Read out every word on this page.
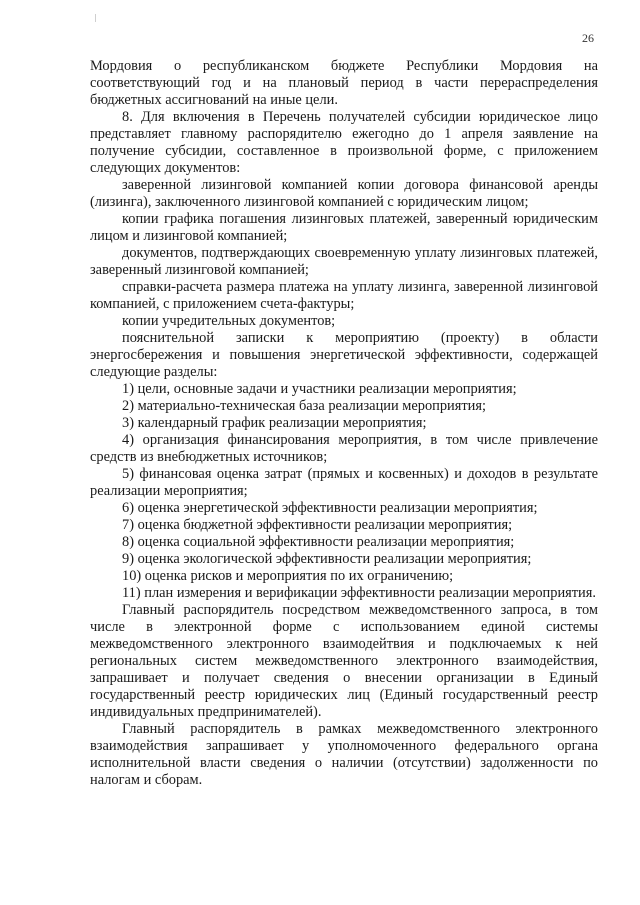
26

Мордовия о республиканском бюджете Республики Мордовия на соответствующий год и на плановый период в части перераспределения бюджетных ассигнований на иные цели.

8. Для включения в Перечень получателей субсидии юридическое лицо представляет главному распорядителю ежегодно до 1 апреля заявление на получение субсидии, составленное в произвольной форме, с приложением следующих документов:

заверенной лизинговой компанией копии договора финансовой аренды (лизинга), заключенного лизинговой компанией с юридическим лицом;

копии графика погашения лизинговых платежей, заверенный юридическим лицом и лизинговой компанией;

документов, подтверждающих своевременную уплату лизинговых платежей, заверенный лизинговой компанией;

справки-расчета размера платежа на уплату лизинга, заверенной лизинговой компанией, с приложением счета-фактуры;

копии учредительных документов;

пояснительной записки к мероприятию (проекту) в области энергосбережения и повышения энергетической эффективности, содержащей следующие разделы:

1) цели, основные задачи и участники реализации мероприятия;

2) материально-техническая база реализации мероприятия;

3) календарный график реализации мероприятия;

4) организация финансирования мероприятия, в том числе привлечение средств из внебюджетных источников;

5) финансовая оценка затрат (прямых и косвенных) и доходов в результате реализации мероприятия;

6) оценка энергетической эффективности реализации мероприятия;

7) оценка бюджетной эффективности реализации мероприятия;

8) оценка социальной эффективности реализации мероприятия;

9) оценка экологической эффективности реализации мероприятия;

10) оценка рисков и мероприятия по их ограничению;

11) план измерения и верификации эффективности реализации мероприятия.

Главный распорядитель посредством межведомственного запроса, в том числе в электронной форме с использованием единой системы межведомственного электронного взаимодейтвия и подключаемых к ней региональных систем межведомственного электронного взаимодействия, запрашивает и получает сведения о внесении организации в Единый государственный реестр юридических лиц (Единый государственный реестр индивидуальных предпринимателей).

Главный распорядитель в рамках межведомственного электронного взаимодействия запрашивает у уполномоченного федерального органа исполнительной власти сведения о наличии (отсутствии) задолженности по налогам и сборам.
